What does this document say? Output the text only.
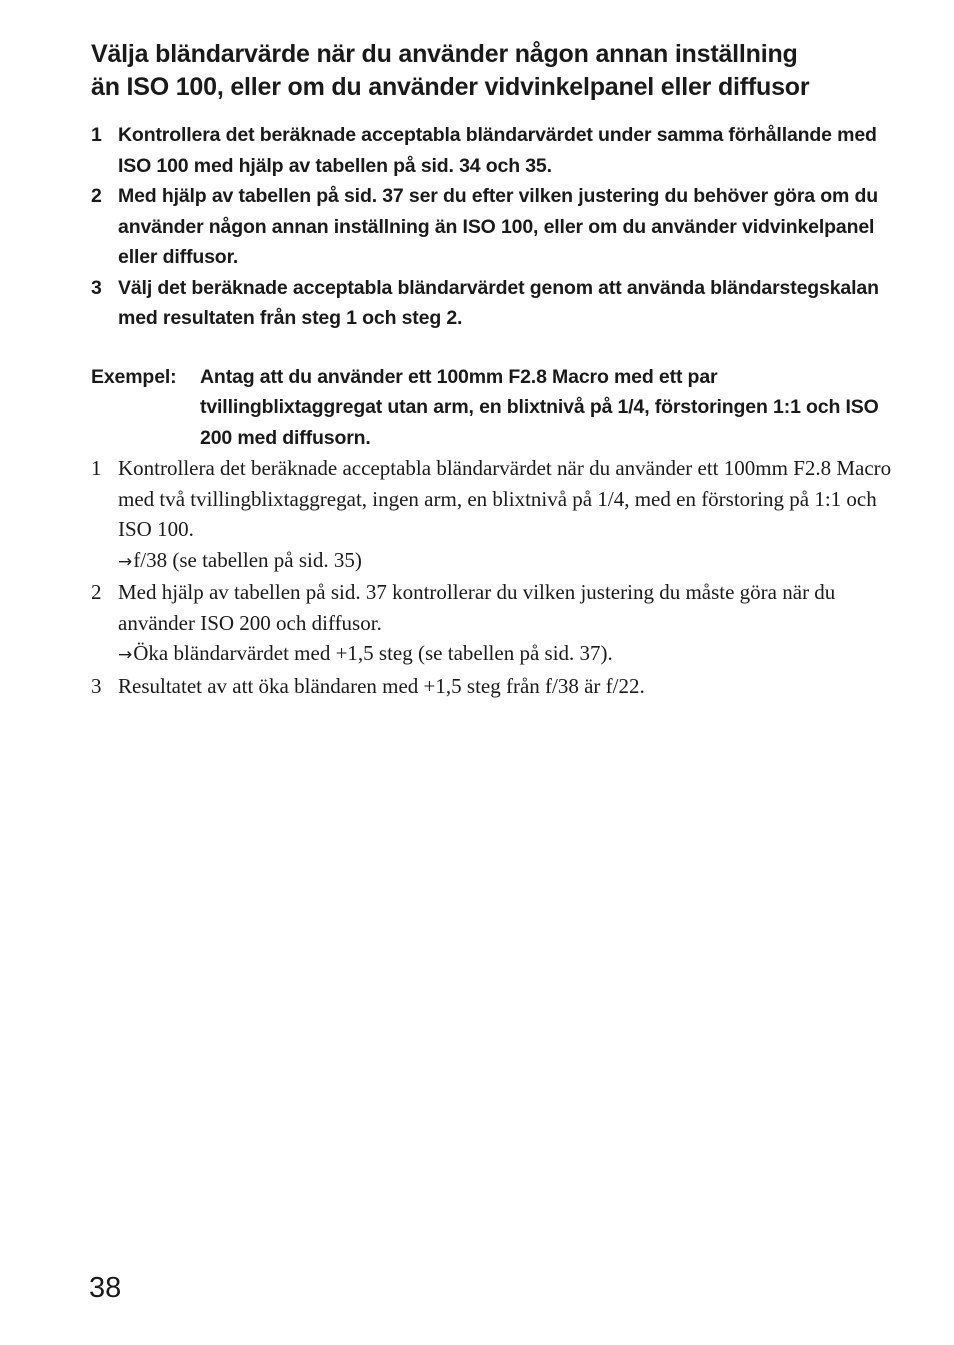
Välja bländarvärde när du använder någon annan inställning
än ISO 100, eller om du använder vidvinkelpanel eller diffusor
1 Kontrollera det beräknade acceptabla bländarvärdet under samma förhållande med ISO 100 med hjälp av tabellen på sid. 34 och 35.
2 Med hjälp av tabellen på sid. 37 ser du efter vilken justering du behöver göra om du använder någon annan inställning än ISO 100, eller om du använder vidvinkelpanel eller diffusor.
3 Välj det beräknade acceptabla bländarvärdet genom att använda bländarstegskalan med resultaten från steg 1 och steg 2.
Exempel:	Antag att du använder ett 100mm F2.8 Macro med ett par tvillingblixtaggregat utan arm, en blixtnivå på 1/4, förstoringen 1:1 och ISO 200 med diffusorn.
1 Kontrollera det beräknade acceptabla bländarvärdet när du använder ett 100mm F2.8 Macro med två tvillingblixtaggregat, ingen arm, en blixtnivå på 1/4, med en förstoring på 1:1 och ISO 100.
→f/38 (se tabellen på sid. 35)
2 Med hjälp av tabellen på sid. 37 kontrollerar du vilken justering du måste göra när du använder ISO 200 och diffusor.
→Öka bländarvärdet med +1,5 steg (se tabellen på sid. 37).
3 Resultatet av att öka bländaren med +1,5 steg från f/38 är f/22.
38
